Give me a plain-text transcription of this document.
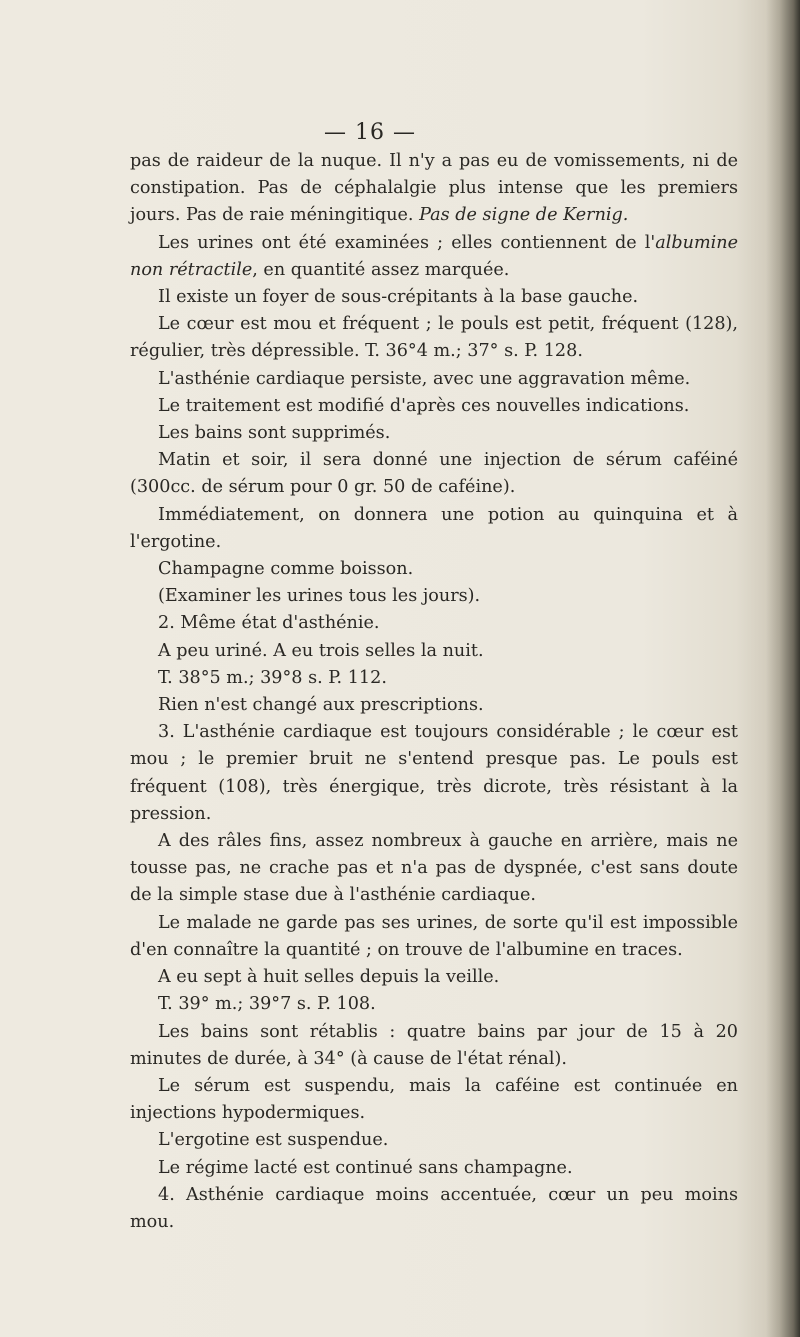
— 16 —

pas de raideur de la nuque. Il n'y a pas eu de vomissements, ni de constipation. Pas de céphalalgie plus intense que les premiers jours. Pas de raie méningitique. Pas de signe de Kernig.

Les urines ont été examinées ; elles contiennent de l'albumine non rétractile, en quantité assez marquée.

Il existe un foyer de sous-crépitants à la base gauche.

Le cœur est mou et fréquent ; le pouls est petit, fréquent (128), régulier, très dépressible. T. 36°4 m.; 37° s. P. 128.

L'asthénie cardiaque persiste, avec une aggravation même.

Le traitement est modifié d'après ces nouvelles indications.

Les bains sont supprimés.

Matin et soir, il sera donné une injection de sérum caféiné (300cc. de sérum pour 0 gr. 50 de caféine).

Immédiatement, on donnera une potion au quinquina et à l'ergotine.

Champagne comme boisson.

(Examiner les urines tous les jours).

2. Même état d'asthénie.

A peu uriné. A eu trois selles la nuit.

T. 38°5 m.; 39°8 s. P. 112.

Rien n'est changé aux prescriptions.

3. L'asthénie cardiaque est toujours considérable ; le cœur est mou ; le premier bruit ne s'entend presque pas. Le pouls est fréquent (108), très énergique, très dicrote, très résistant à la pression.

A des râles fins, assez nombreux à gauche en arrière, mais ne tousse pas, ne crache pas et n'a pas de dyspnée, c'est sans doute de la simple stase due à l'asthénie cardiaque.

Le malade ne garde pas ses urines, de sorte qu'il est impossible d'en connaître la quantité ; on trouve de l'albumine en traces.

A eu sept à huit selles depuis la veille.

T. 39° m.; 39°7 s. P. 108.

Les bains sont rétablis : quatre bains par jour de 15 à 20 minutes de durée, à 34° (à cause de l'état rénal).

Le sérum est suspendu, mais la caféine est continuée en injections hypodermiques.

L'ergotine est suspendue.

Le régime lacté est continué sans champagne.

4. Asthénie cardiaque moins accentuée, cœur un peu moins mou.
